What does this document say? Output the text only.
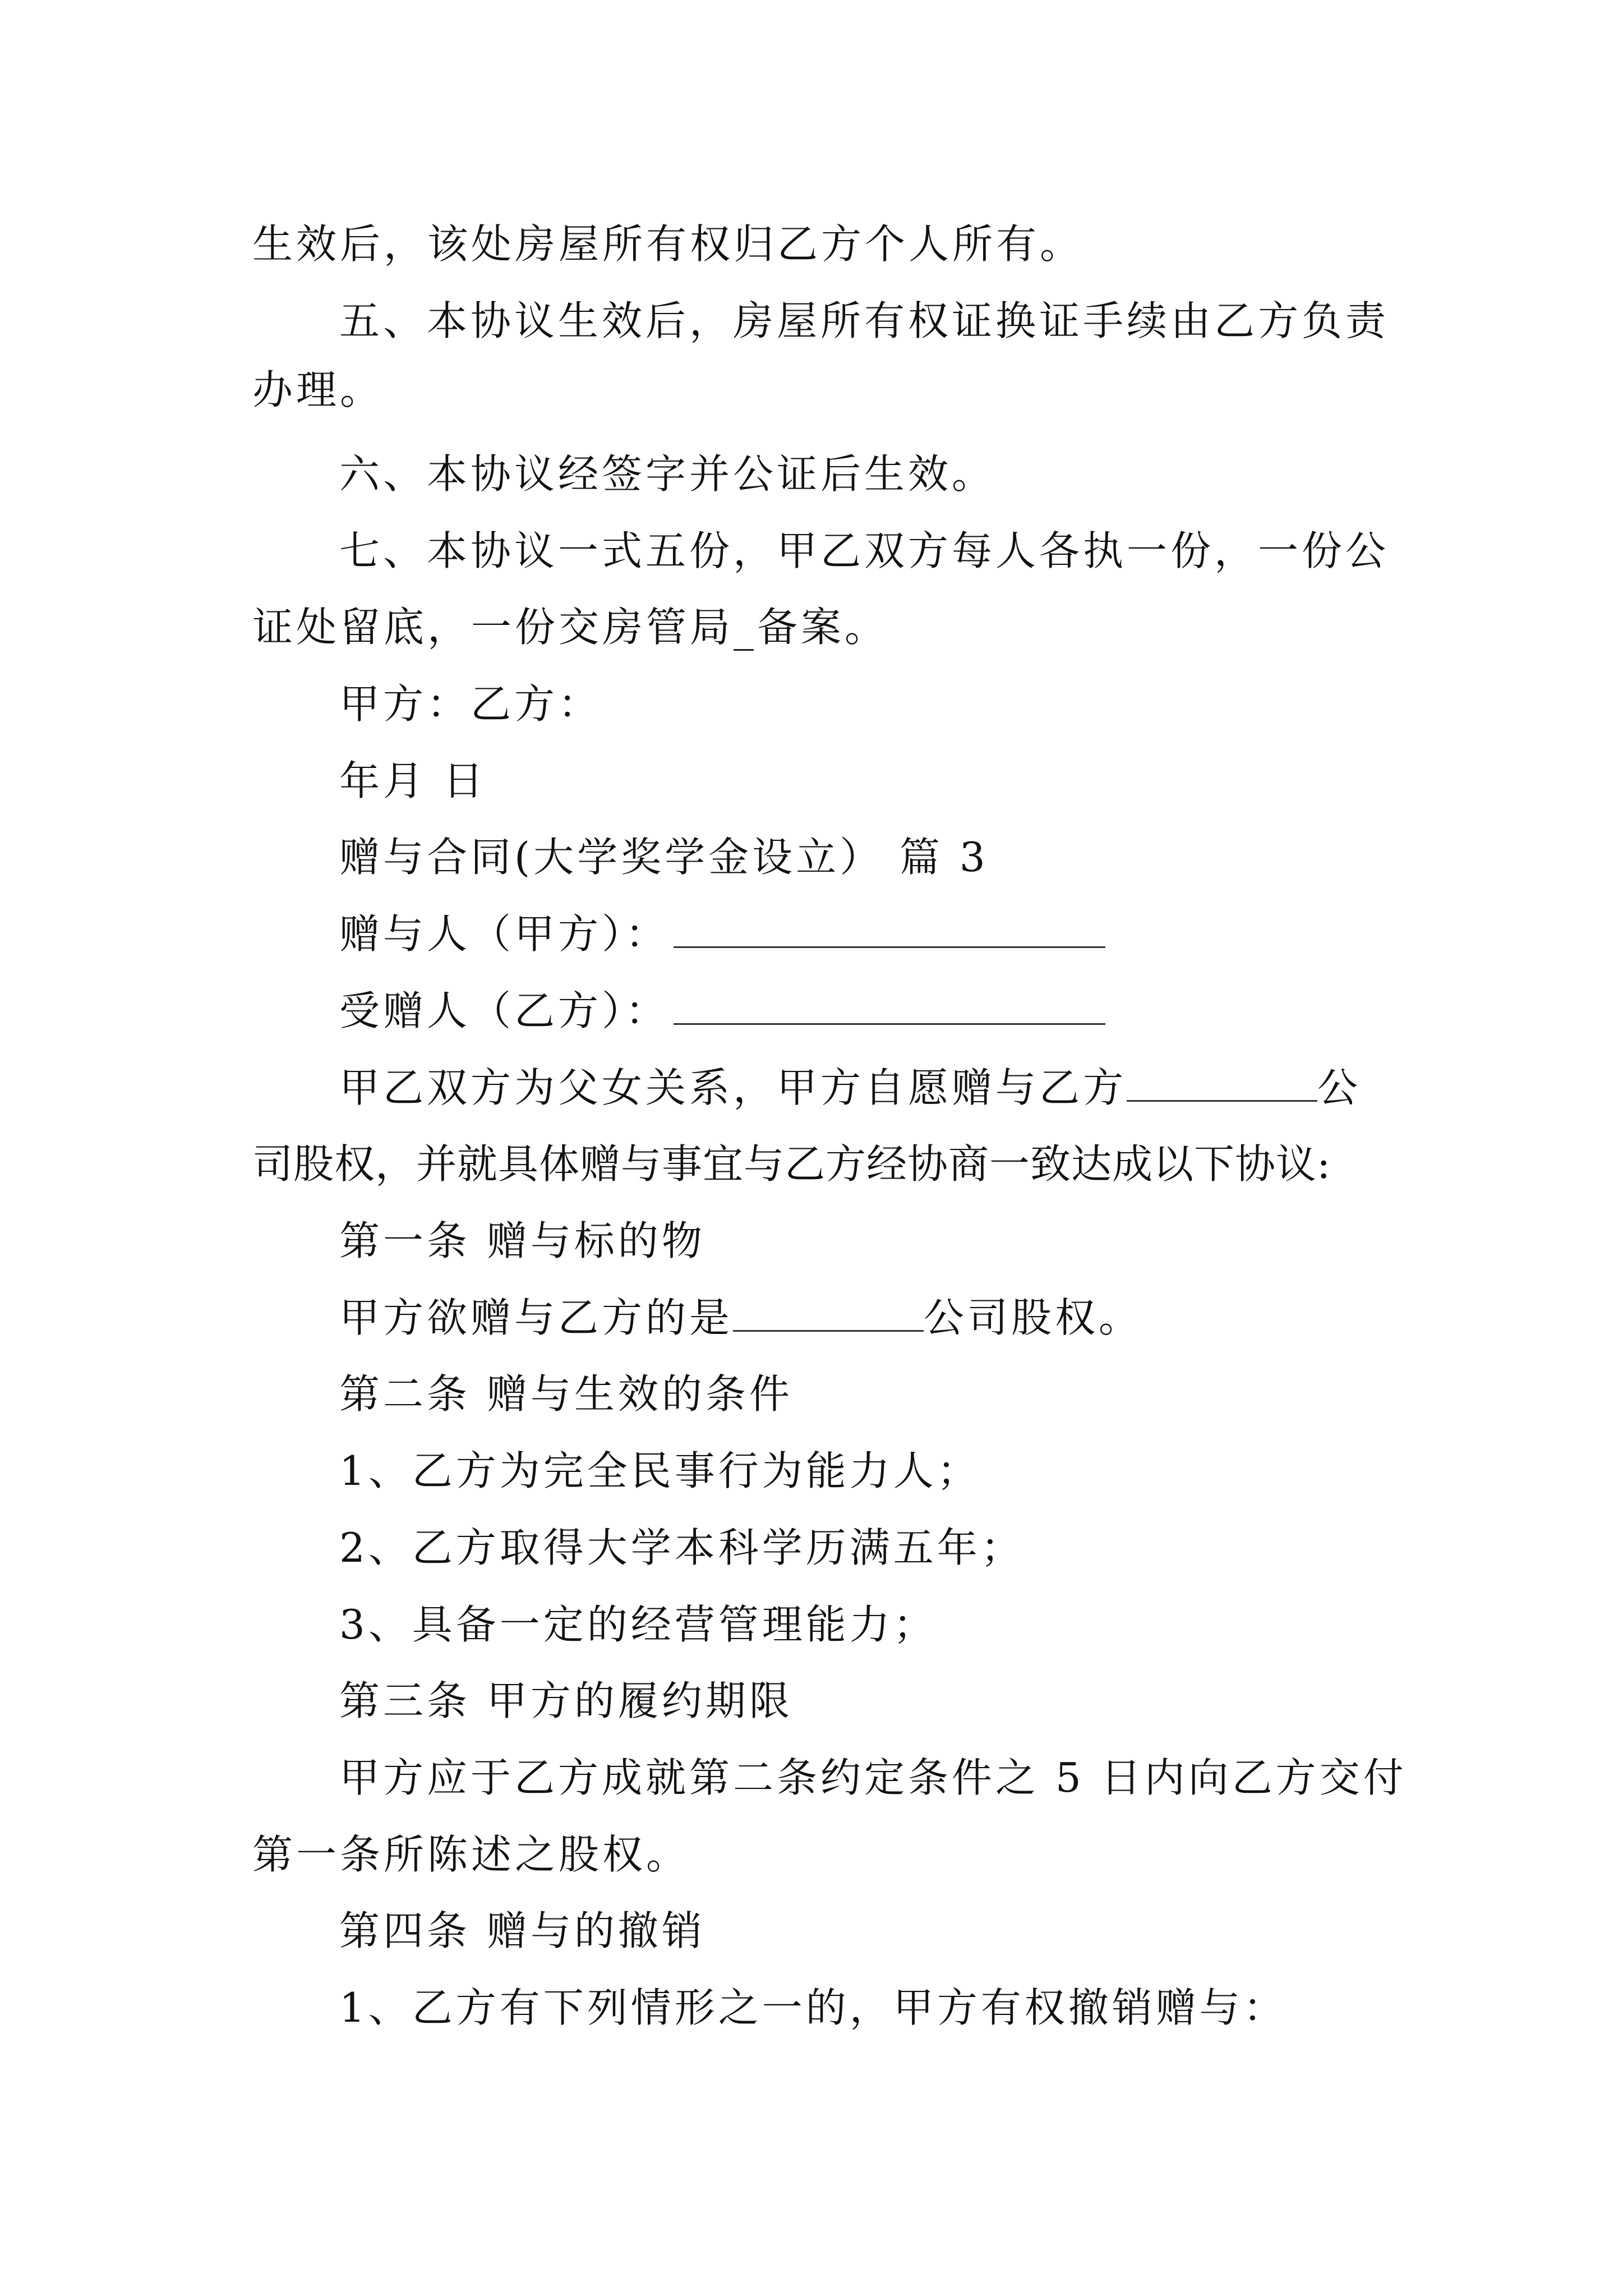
生效后，该处房屋所有权归乙方个人所有。
五、本协议生效后，房屋所有权证换证手续由乙方负责
办理。
六、本协议经签字并公证后生效。
七、本协议一式五份，甲乙双方每人各执一份，一份公
证处留底，一份交房管局_备案。
甲方：乙方：
年月 日
赠与合同(大学奖学金设立） 篇 3
赠与人（甲方）：
受赠人（乙方）：
甲乙双方为父女关系，甲方自愿赠与乙方	公
司股权，并就具体赠与事宜与乙方经协商一致达成以下协议:
第一条 赠与标的物
甲方欲赠与乙方的是	公司股权。
第二条 赠与生效的条件
1、乙方为完全民事行为能力人；
2、乙方取得大学本科学历满五年；
3、具备一定的经营管理能力；
第三条 甲方的履约期限
甲方应于乙方成就第二条约定条件之 5 日内向乙方交付
第一条所陈述之股权。
第四条 赠与的撤销
1、乙方有下列情形之一的，甲方有权撤销赠与：
